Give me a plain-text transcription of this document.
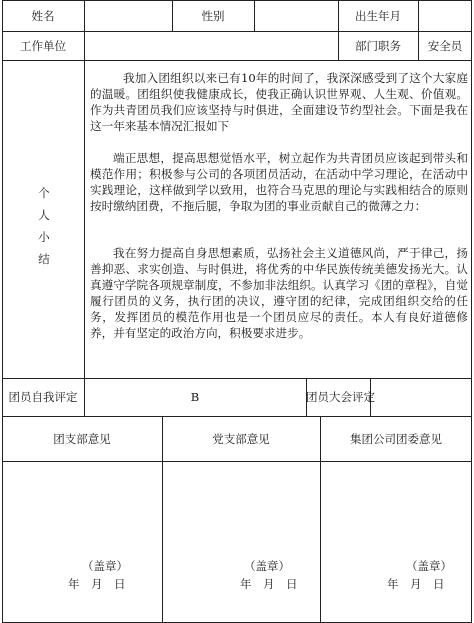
姓名	性别	出生年月
工作单位	部门职务	安全员
个
人
小
结

我加入团组织以来已有10年的时间了，我深深感受到了这个大家庭的温暖。团组织使我健康成长，使我正确认识世界观、人生观、价值观。作为共青团员我们应该坚持与时俱进，全面建设节约型社会。下面是我在这一年来基本情况汇报如下

端正思想，提高思想觉悟水平，树立起作为共青团员应该起到带头和模范作用；积极参与公司的各项团员活动，在活动中学习理论，在活动中实践理论，这样做到学以致用，也符合马克思的理论与实践相结合的原则按时缴纳团费，不拖后腿，争取为团的事业贡献自己的微薄之力：

我在努力提高自身思想素质，弘扬社会主义道德风尚，严于律己，扬善抑恶、求实创造、与时俱进，将优秀的中华民族传统美德发扬光大。认真遵守学院各项规章制度，不参加非法组织。认真学习《团的章程》，自觉履行团员的义务，执行团的决议，遵守团的纪律，完成团组织交给的任务，发挥团员的模范作用也是一个团员应尽的责任。本人有良好道德修养，并有坚定的政治方向，积极要求进步。

团员自我评定	B	团员大会评定
团支部意见	党支部意见	集团公司团委意见
（盖章）	（盖章）	（盖章）
年　月　日	年　月　日	年　月　日
